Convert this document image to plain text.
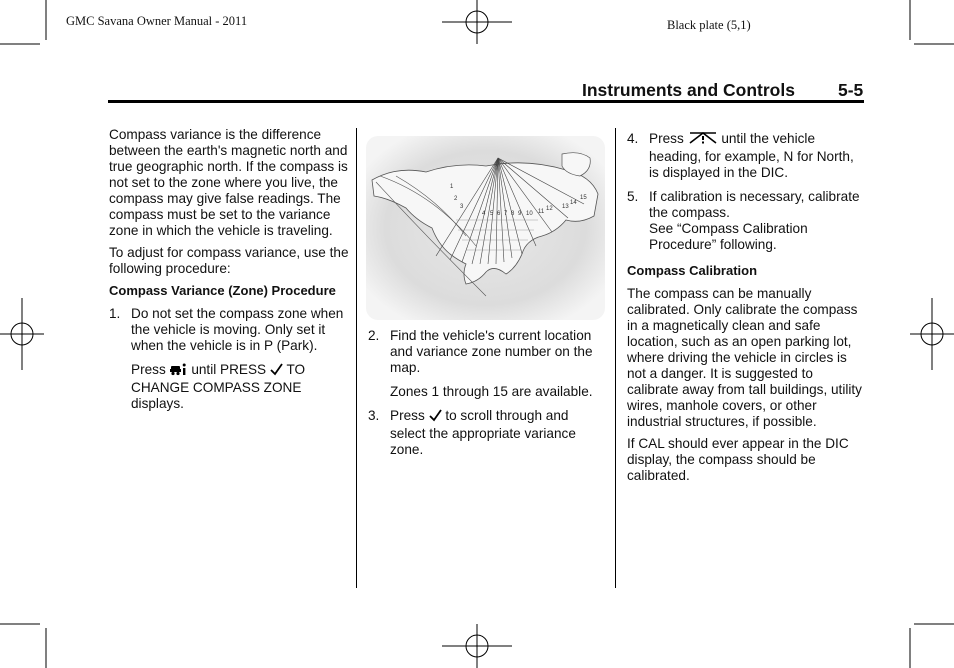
GMC Savana Owner Manual - 2011	Black plate (5,1)
Instruments and Controls 5-5

Compass variance is the difference between the earth's magnetic north and true geographic north. If the compass is not set to the zone where you live, the compass may give false readings. The compass must be set to the variance zone in which the vehicle is traveling.

To adjust for compass variance, use the following procedure:

Compass Variance (Zone) Procedure

1. Do not set the compass zone when the vehicle is moving. Only set it when the vehicle is in P (Park).

Press until PRESS TO CHANGE COMPASS ZONE displays.

1
2
3
4 5 6 7 8 9 10 11 12 13
14
15
2. Find the vehicle's current location and variance zone number on the map.

Zones 1 through 15 are available.

3. Press to scroll through and select the appropriate variance zone.
4. Press	until the vehicle heading, for example, N for North, is displayed in the DIC.
5. If calibration is necessary, calibrate the compass.
See “Compass Calibration Procedure” following.

Compass Calibration

The compass can be manually calibrated. Only calibrate the compass in a magnetically clean and safe location, such as an open parking lot, where driving the vehicle in circles is not a danger. It is suggested to calibrate away from tall buildings, utility wires, manhole covers, or other industrial structures, if possible.

If CAL should ever appear in the DIC display, the compass should be calibrated.
